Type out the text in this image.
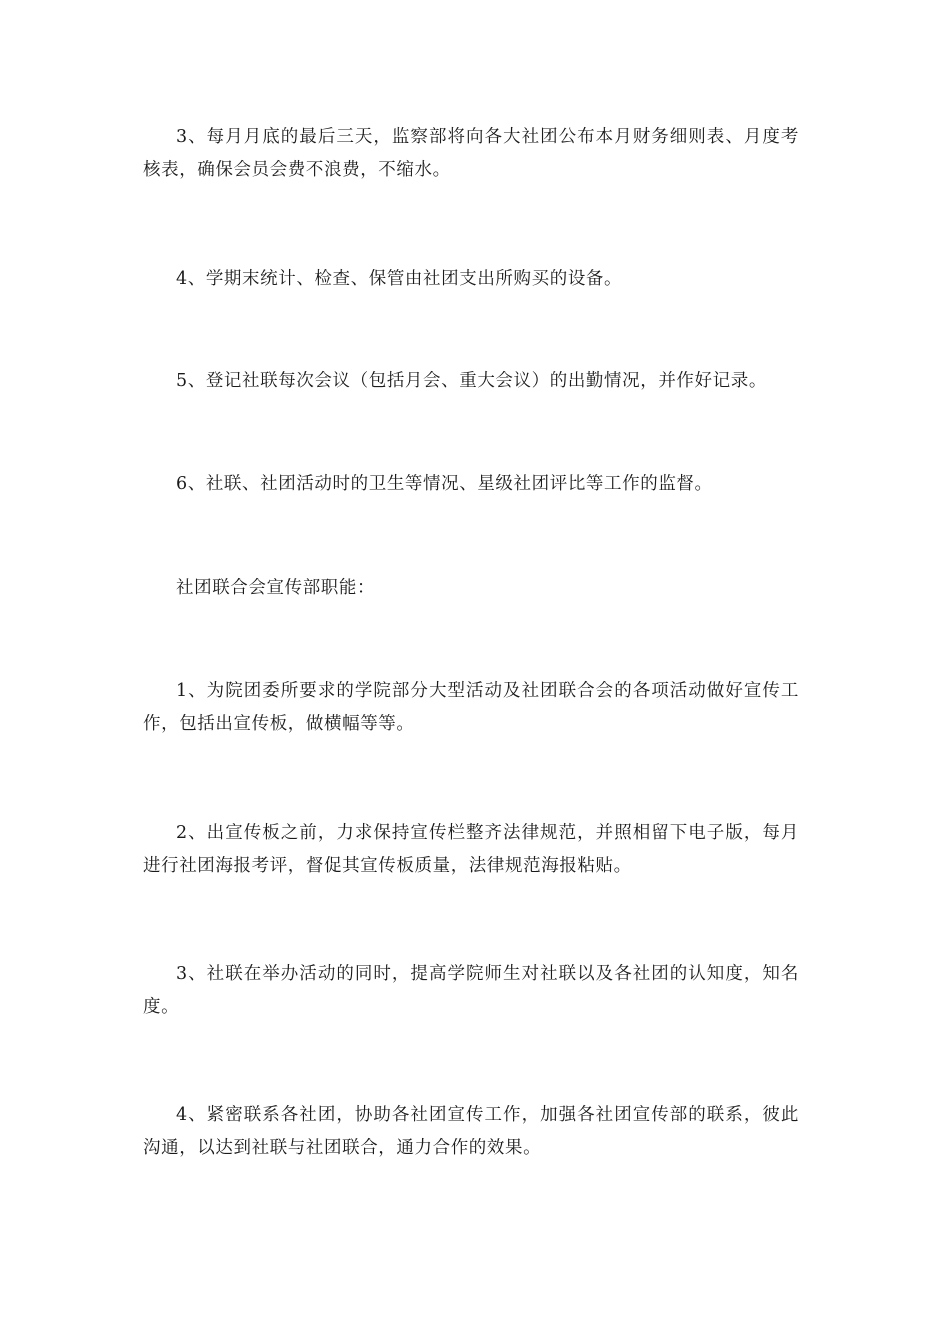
3、每月月底的最后三天，监察部将向各大社团公布本月财务细则表、月度考核表，确保会员会费不浪费，不缩水。

4、学期末统计、检查、保管由社团支出所购买的设备。

5、登记社联每次会议（包括月会、重大会议）的出勤情况，并作好记录。

6、社联、社团活动时的卫生等情况、星级社团评比等工作的监督。

社团联合会宣传部职能：

1、为院团委所要求的学院部分大型活动及社团联合会的各项活动做好宣传工作，包括出宣传板，做横幅等等。

2、出宣传板之前，力求保持宣传栏整齐法律规范，并照相留下电子版，每月进行社团海报考评，督促其宣传板质量，法律规范海报粘贴。

3、社联在举办活动的同时，提高学院师生对社联以及各社团的认知度，知名度。

4、紧密联系各社团，协助各社团宣传工作，加强各社团宣传部的联系，彼此沟通，以达到社联与社团联合，通力合作的效果。
